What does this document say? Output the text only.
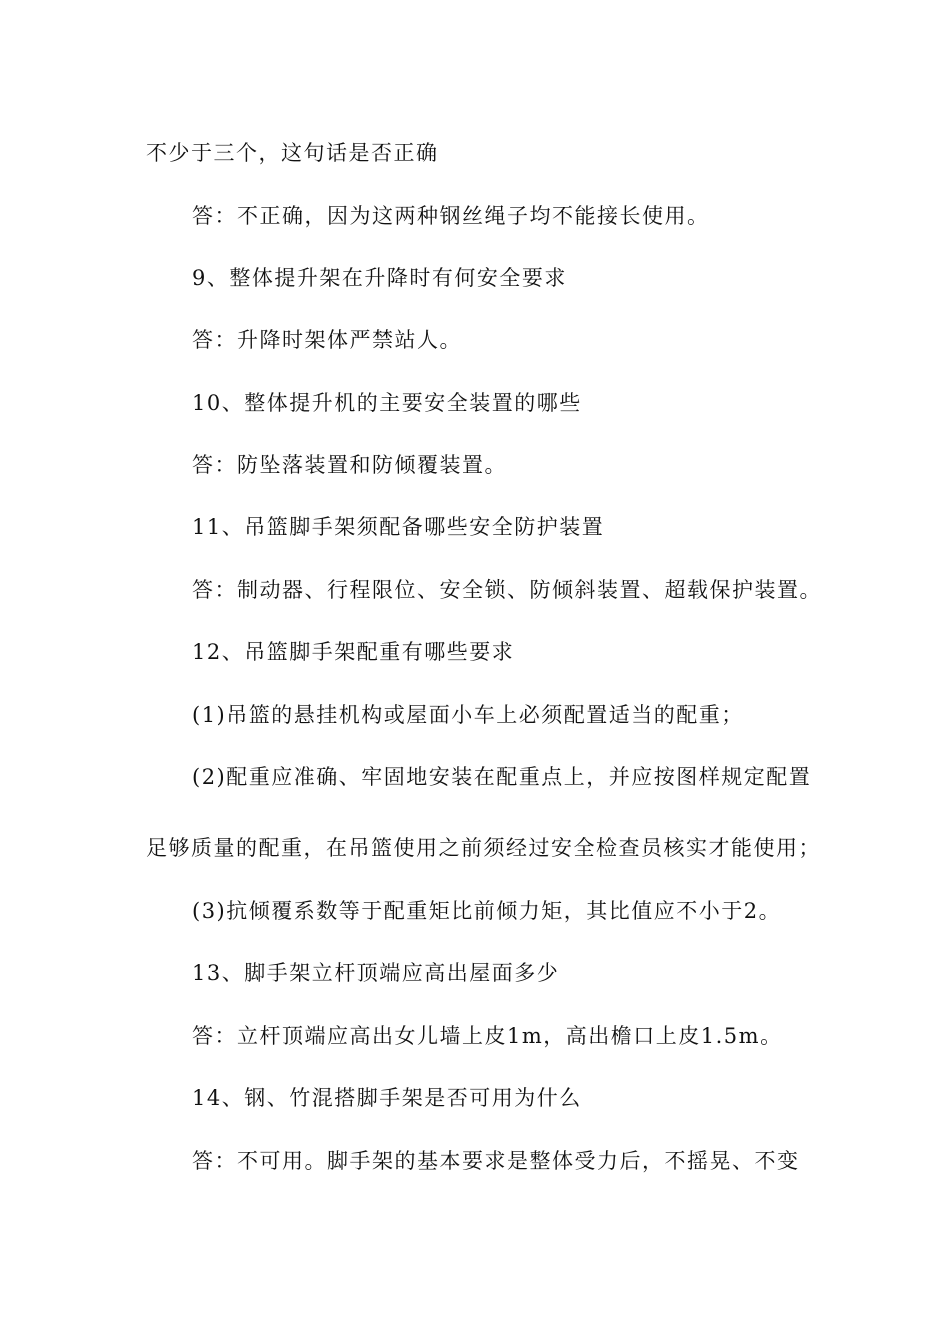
不少于三个，这句话是否正确
答：不正确，因为这两种钢丝绳子均不能接长使用。
9、整体提升架在升降时有何安全要求
答：升降时架体严禁站人。
10、整体提升机的主要安全装置的哪些
答：防坠落装置和防倾覆装置。
11、吊篮脚手架须配备哪些安全防护装置
答：制动器、行程限位、安全锁、防倾斜装置、超载保护装置。
12、吊篮脚手架配重有哪些要求
(1)吊篮的悬挂机构或屋面小车上必须配置适当的配重；
(2)配重应准确、牢固地安装在配重点上，并应按图样规定配置
足够质量的配重，在吊篮使用之前须经过安全检查员核实才能使用；
(3)抗倾覆系数等于配重矩比前倾力矩，其比值应不小于2。
13、脚手架立杆顶端应高出屋面多少
答：立杆顶端应高出女儿墙上皮1m，高出檐口上皮1.5m。
14、钢、竹混搭脚手架是否可用为什么
答：不可用。脚手架的基本要求是整体受力后，不摇晃、不变
